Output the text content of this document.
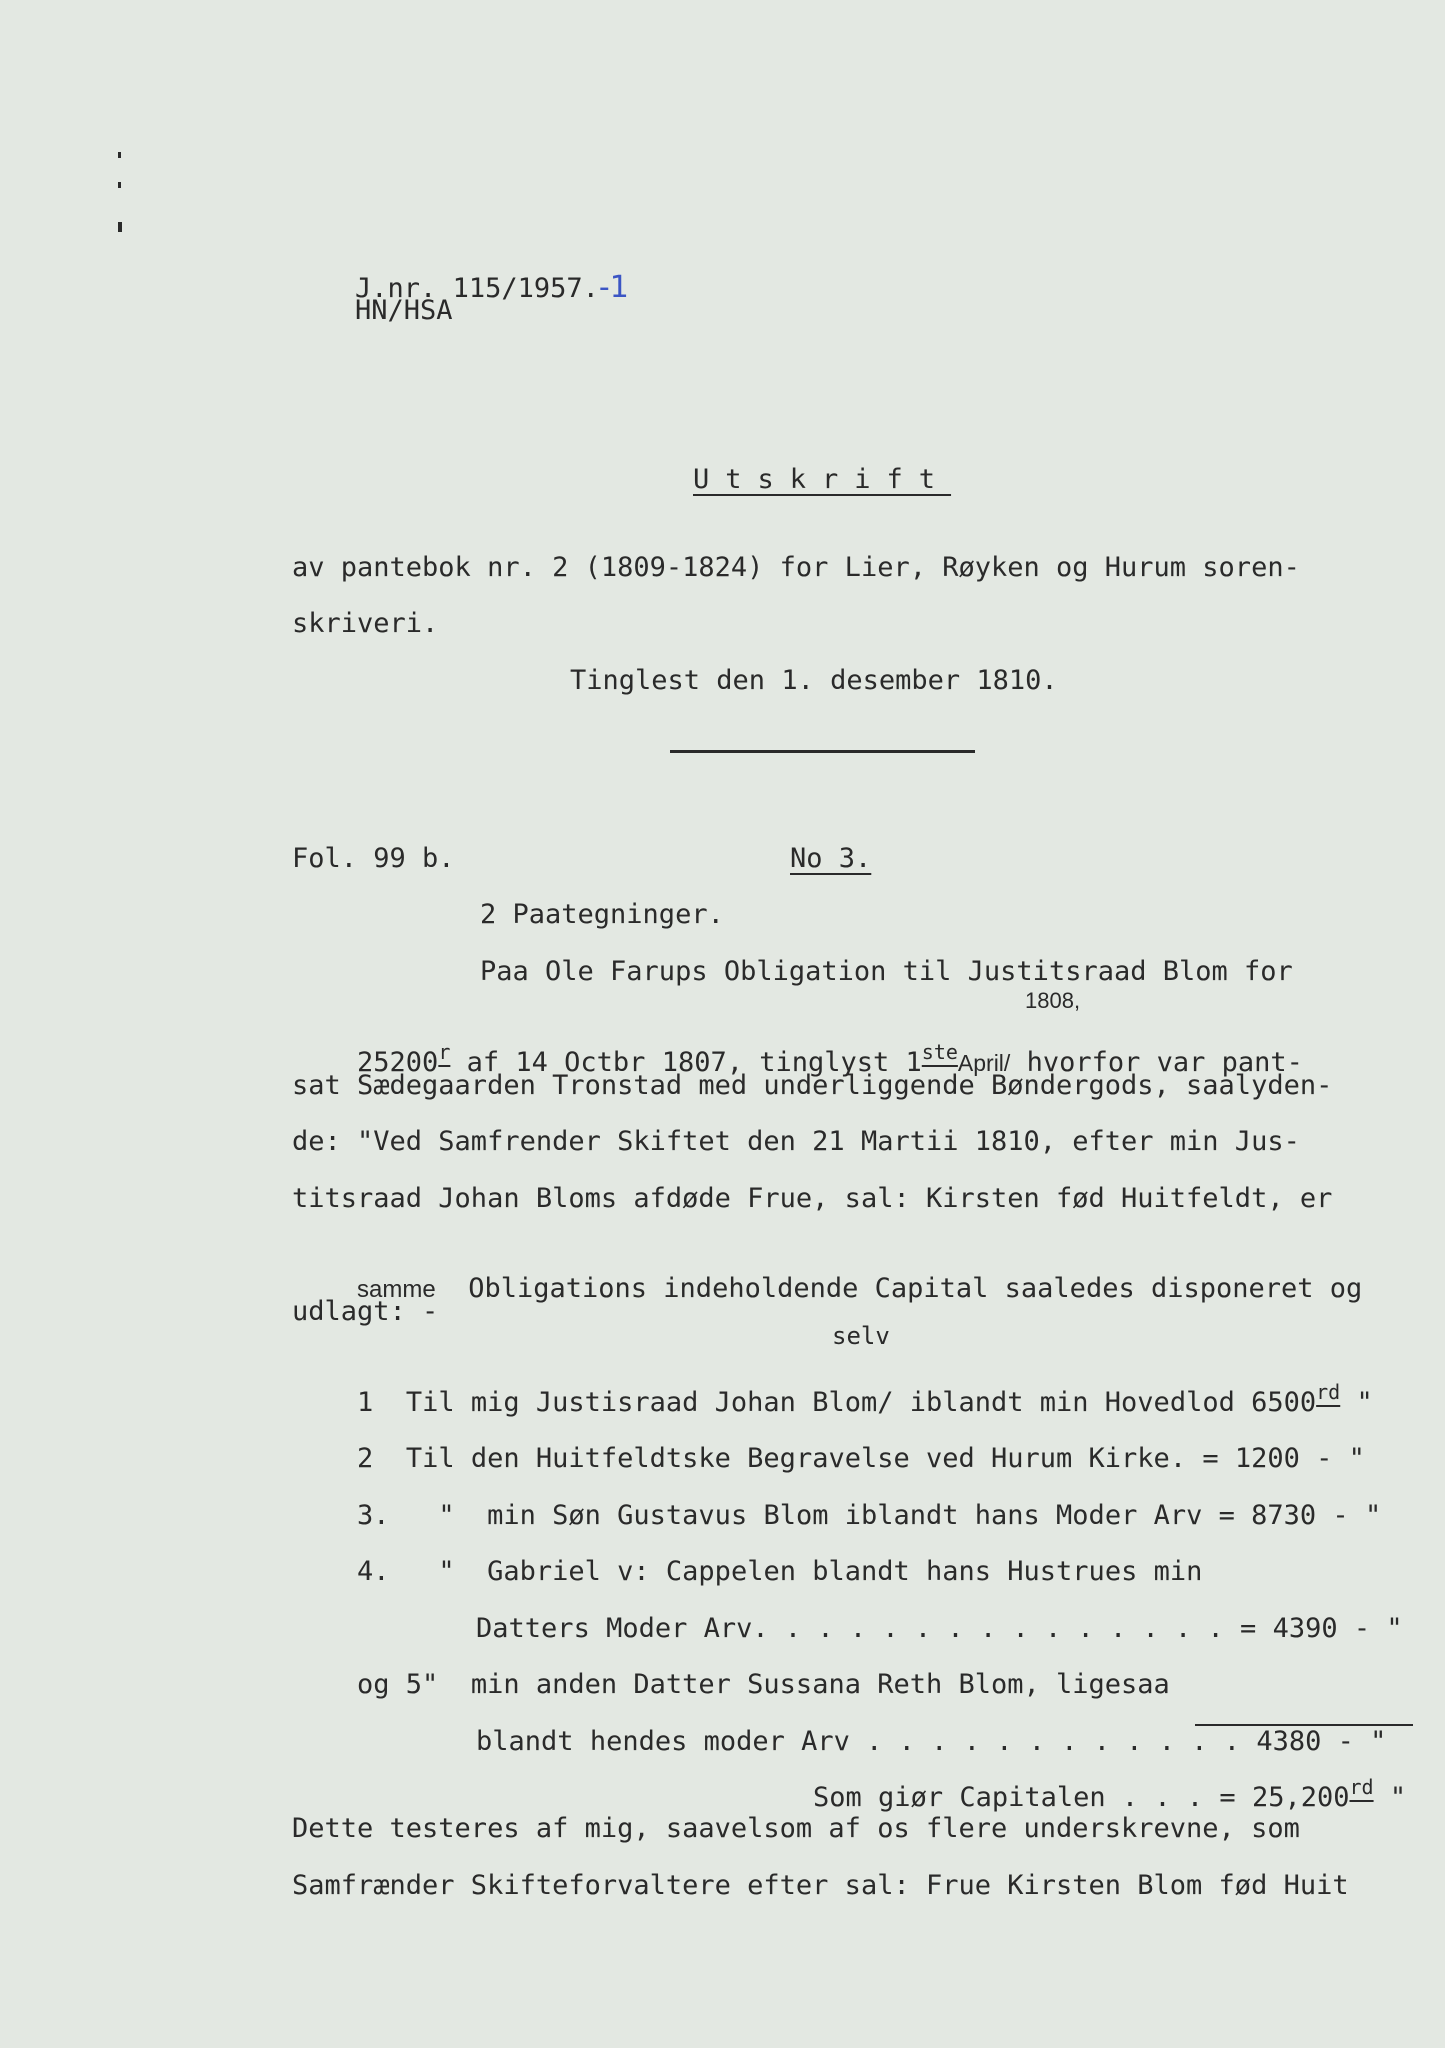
J.nr. 115/1957.-1

HN/HSA
Utskrift
av pantebok nr. 2 (1809-1824) for Lier, Røyken og Hurum soren-
skriveri.
Tinglest den 1. desember 1810.
Fol. 99 b.	No 3.
2 Paategninger.
Paa Ole Farups Obligation til Justitsraad Blom for

25200$^r$ af 14 Octbr 1807, tinglyst 1steApril/ hvorfor var pant-

1808,
sat Sædegaarden Tronstad med underliggende Bøndergods, saalyden-
de: "Ved Samfrender Skiftet den 21 Martii 1810, efter min Jus-
titsraad Johan Bloms afdøde Frue, sal: Kirsten fød Huitfeldt, er

samme Obligations indeholdende Capital saaledes disponeret og

udlagt: -
selv

1 Til mig Justisraad Johan Blom/ iblandt min Hovedlod 6500rd "

2 Til den Huitfeldtske Begravelse ved Hurum Kirke. = 1200 - "

3. " min Søn Gustavus Blom iblandt hans Moder Arv = 8730 - "

4. " Gabriel v: Cappelen blandt hans Hustrues min

Datters Moder Arv. . . . . . . . . . . . . . . = 4390 - "

og 5" min anden Datter Sussana Reth Blom, ligesaa

blandt hendes moder Arv . . . . . . . . . . . . 4380 - "

Som giør Capitalen . . . = 25,200rd "

Dette testeres af mig, saavelsom af os flere underskrevne, som
Samfrænder Skifteforvaltere efter sal: Frue Kirsten Blom fød Huit
